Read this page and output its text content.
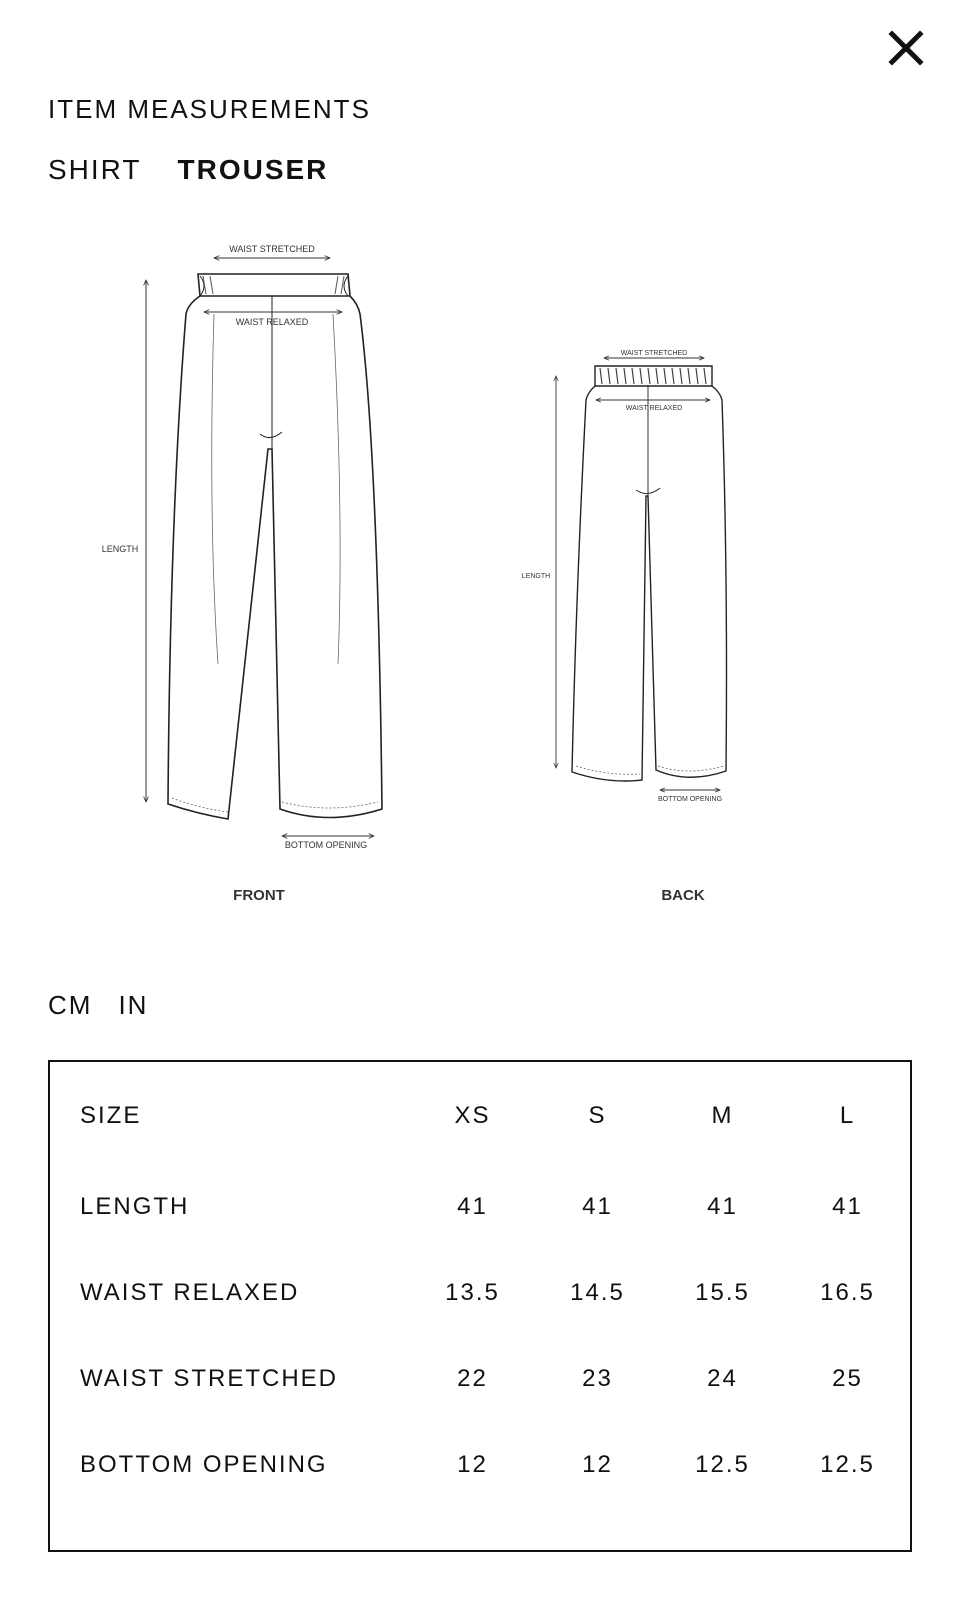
ITEM MEASUREMENTS
SHIRT TROUSER
WAIST STRETCHED
WAIST RELAXED
LENGTH
BOTTOM OPENING
FRONT
WAIST STRETCHED
WAIST RELAXED
LENGTH
BOTTOM OPENING
BACK
CM IN
SIZE	XS	S	M	L
LENGTH	41	41	41	41
WAIST RELAXED	13.5	14.5	15.5	16.5
WAIST STRETCHED	22	23	24	25
BOTTOM OPENING	12	12	12.5	12.5
